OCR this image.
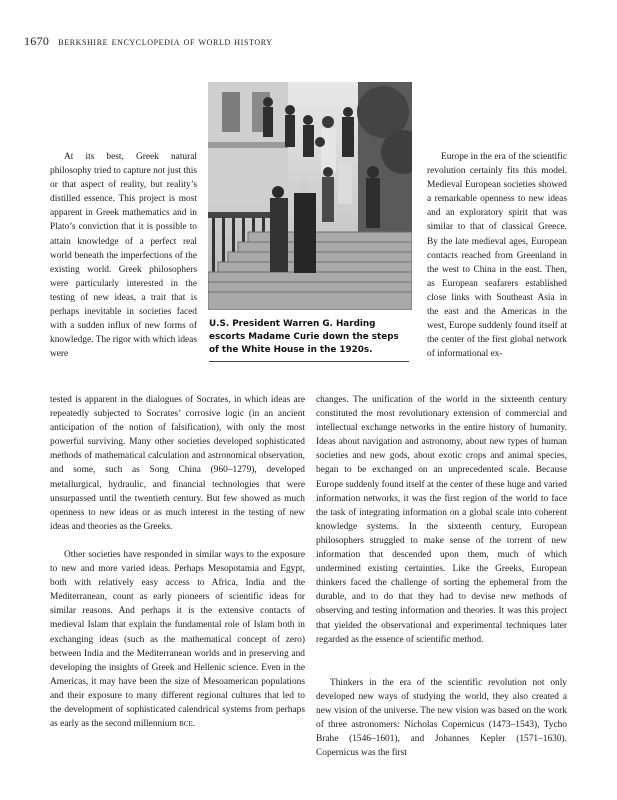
1670 berkshire encyclopedia of world history
U.S. President Warren G. Harding escorts Madame Curie down the steps of the White House in the 1920s.

At its best, Greek natural philosophy tried to capture not just this or that aspect of reality, but reality’s distilled essence. This project is most apparent in Greek mathematics and in Plato’s conviction that it is possible to attain knowledge of a perfect real world beneath the imperfections of the existing world. Greek philosophers were particularly interested in the testing of new ideas, a trait that is perhaps inevitable in societies faced with a sudden influx of new forms of knowledge. The rigor with which ideas were

Europe in the era of the scientific revolution certainly fits this model. Medieval European societies showed a remarkable openness to new ideas and an exploratory spirit that was similar to that of classical Greece. By the late medieval ages, European contacts reached from Greenland in the west to China in the east. Then, as European seafarers established close links with Southeast Asia in the east and the Americas in the west, Europe suddenly found itself at the center of the first global network of informational ex-

tested is apparent in the dialogues of Socrates, in which ideas are repeatedly subjected to Socrates’ corrosive logic (in an ancient anticipation of the notion of falsification), with only the most powerful surviving. Many other societies developed sophisticated methods of mathematical calculation and astronomical observation, and some, such as Song China (960–1279), developed metallurgical, hydraulic, and financial technologies that were unsurpassed until the twentieth century. But few showed as much openness to new ideas or as much interest in the testing of new ideas and theories as the Greeks.

Other societies have responded in similar ways to the exposure to new and more varied ideas. Perhaps Mesopotamia and Egypt, both with relatively easy access to Africa, India and the Mediterranean, count as early pioneers of scientific ideas for similar reasons. And perhaps it is the extensive contacts of medieval Islam that explain the fundamental role of Islam both in exchanging ideas (such as the mathematical concept of zero) between India and the Mediterranean worlds and in preserving and developing the insights of Greek and Hellenic science. Even in the Americas, it may have been the size of Mesoamerican populations and their exposure to many different regional cultures that led to the development of sophisticated calendrical systems from perhaps as early as the second millennium bce.

changes. The unification of the world in the sixteenth century constituted the most revolutionary extension of commercial and intellectual exchange networks in the entire history of humanity. Ideas about navigation and astronomy, about new types of human societies and new gods, about exotic crops and animal species, began to be exchanged on an unprecedented scale. Because Europe suddenly found itself at the center of these huge and varied information networks, it was the first region of the world to face the task of integrating information on a global scale into coherent knowledge systems. In the sixteenth century, European philosophers struggled to make sense of the torrent of new information that descended upon them, much of which undermined existing certainties. Like the Greeks, European thinkers faced the challenge of sorting the ephemeral from the durable, and to do that they had to devise new methods of observing and testing information and theories. It was this project that yielded the observational and experimental techniques later regarded as the essence of scientific method.

Thinkers in the era of the scientific revolution not only developed new ways of studying the world, they also created a new vision of the universe. The new vision was based on the work of three astronomers: Nicholas Copernicus (1473–1543), Tycho Brahe (1546–1601), and Johannes Kepler (1571–1630). Copernicus was the first
